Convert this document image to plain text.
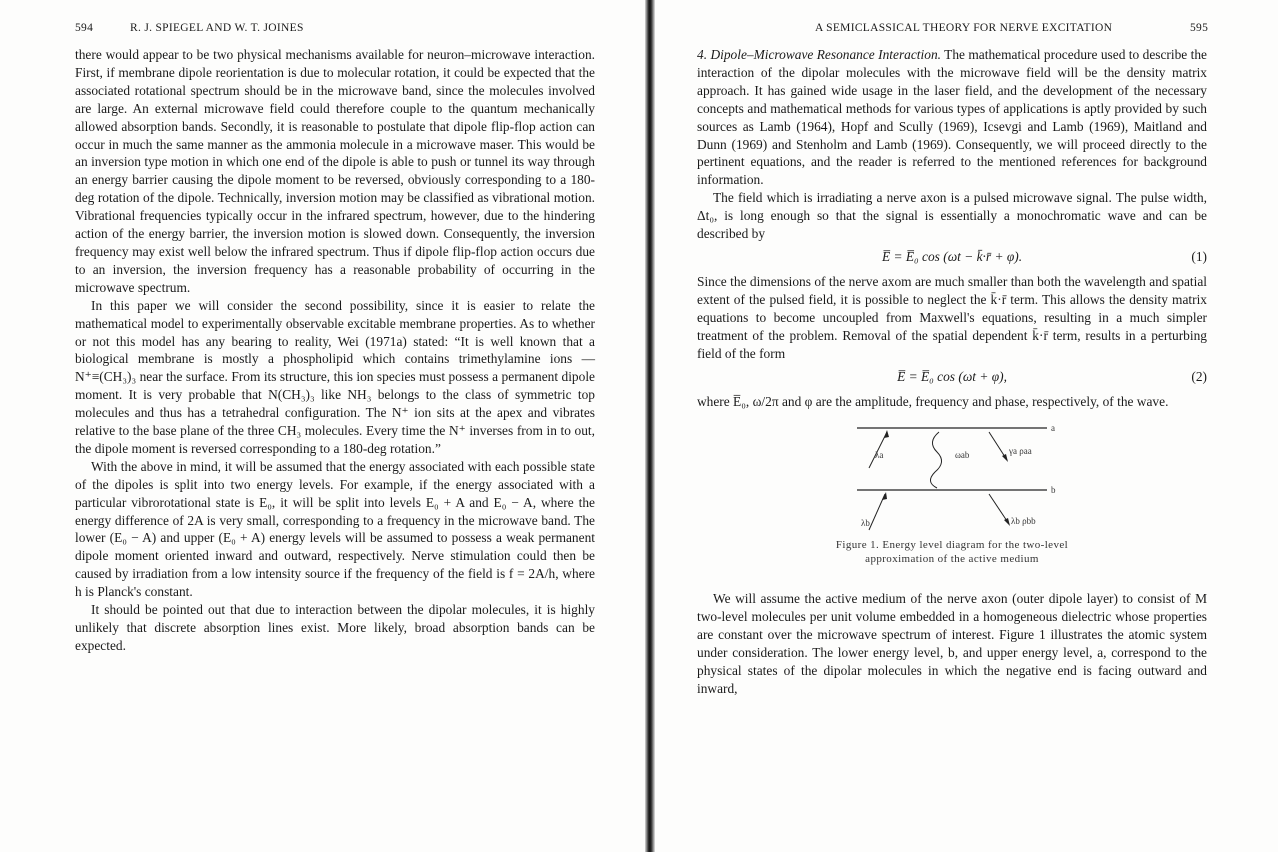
594	R. J. SPIEGEL AND W. T. JOINES	A SEMICLASSICAL THEORY FOR NERVE EXCITATION	595

there would appear to be two physical mechanisms available for neuron–microwave interaction. First, if membrane dipole reorientation is due to molecular rotation, it could be expected that the associated rotational spectrum should be in the microwave band, since the molecules involved are large. An external microwave field could therefore couple to the quantum mechanically allowed absorption bands. Secondly, it is reasonable to postulate that dipole flip-flop action can occur in much the same manner as the ammonia molecule in a microwave maser. This would be an inversion type motion in which one end of the dipole is able to push or tunnel its way through an energy barrier causing the dipole moment to be reversed, obviously corresponding to a 180-deg rotation of the dipole. Technically, inversion motion may be classified as vibrational motion. Vibrational frequencies typically occur in the infrared spectrum, however, due to the hindering action of the energy barrier, the inversion motion is slowed down. Consequently, the inversion frequency may exist well below the infrared spectrum. Thus if dipole flip-flop action occurs due to an inversion, the inversion frequency has a reasonable probability of occurring in the microwave spectrum.

In this paper we will consider the second possibility, since it is easier to relate the mathematical model to experimentally observable excitable membrane properties. As to whether or not this model has any bearing to reality, Wei (1971a) stated: “It is well known that a biological membrane is mostly a phospholipid which contains trimethylamine ions —N⁺≡(CH₃)₃ near the surface. From its structure, this ion species must possess a permanent dipole moment. It is very probable that N(CH₃)₃ like NH₃ belongs to the class of symmetric top molecules and thus has a tetrahedral configuration. The N⁺ ion sits at the apex and vibrates relative to the base plane of the three CH₃ molecules. Every time the N⁺ inverses from in to out, the dipole moment is reversed corresponding to a 180-deg rotation.”

With the above in mind, it will be assumed that the energy associated with each possible state of the dipoles is split into two energy levels. For example, if the energy associated with a particular vibrorotational state is E₀, it will be split into levels E₀ + A and E₀ − A, where the energy difference of 2A is very small, corresponding to a frequency in the microwave band. The lower (E₀ − A) and upper (E₀ + A) energy levels will be assumed to possess a weak permanent dipole moment oriented inward and outward, respectively. Nerve stimulation could then be caused by irradiation from a low intensity source if the frequency of the field is f = 2A/h, where h is Planck's constant.

It should be pointed out that due to interaction between the dipolar molecules, it is highly unlikely that discrete absorption lines exist. More likely, broad absorption bands can be expected.

4. Dipole–Microwave Resonance Interaction. The mathematical procedure used to describe the interaction of the dipolar molecules with the microwave field will be the density matrix approach. It has gained wide usage in the laser field, and the development of the necessary concepts and mathematical methods for various types of applications is aptly provided by such sources as Lamb (1964), Hopf and Scully (1969), Icsevgi and Lamb (1969), Maitland and Dunn (1969) and Stenholm and Lamb (1969). Consequently, we will proceed directly to the pertinent equations, and the reader is referred to the mentioned references for background information.

The field which is irradiating a nerve axon is a pulsed microwave signal. The pulse width, Δt₀, is long enough so that the signal is essentially a monochromatic wave and can be described by

E̅ = E̅₀ cos (ωt − k̄·r̄ + φ).	(1)

Since the dimensions of the nerve axom are much smaller than both the wavelength and spatial extent of the pulsed field, it is possible to neglect the k̄·r̄ term. This allows the density matrix equations to become uncoupled from Maxwell's equations, resulting in a much simpler treatment of the problem. Removal of the spatial dependent k̄·r̄ term, results in a perturbing field of the form

E̅ = E̅₀ cos (ωt + φ),	(2)

where E̅₀, ω/2π and φ are the amplitude, frequency and phase, respectively, of the wave.

a
b
λa	ωab	γa ρaa
λb	λb ρbb
Figure 1. Energy level diagram for the two-level approximation of the active medium

We will assume the active medium of the nerve axon (outer dipole layer) to consist of M two-level molecules per unit volume embedded in a homogeneous dielectric whose properties are constant over the microwave spectrum of interest. Figure 1 illustrates the atomic system under consideration. The lower energy level, b, and upper energy level, a, correspond to the physical states of the dipolar molecules in which the negative end is facing outward and inward,
